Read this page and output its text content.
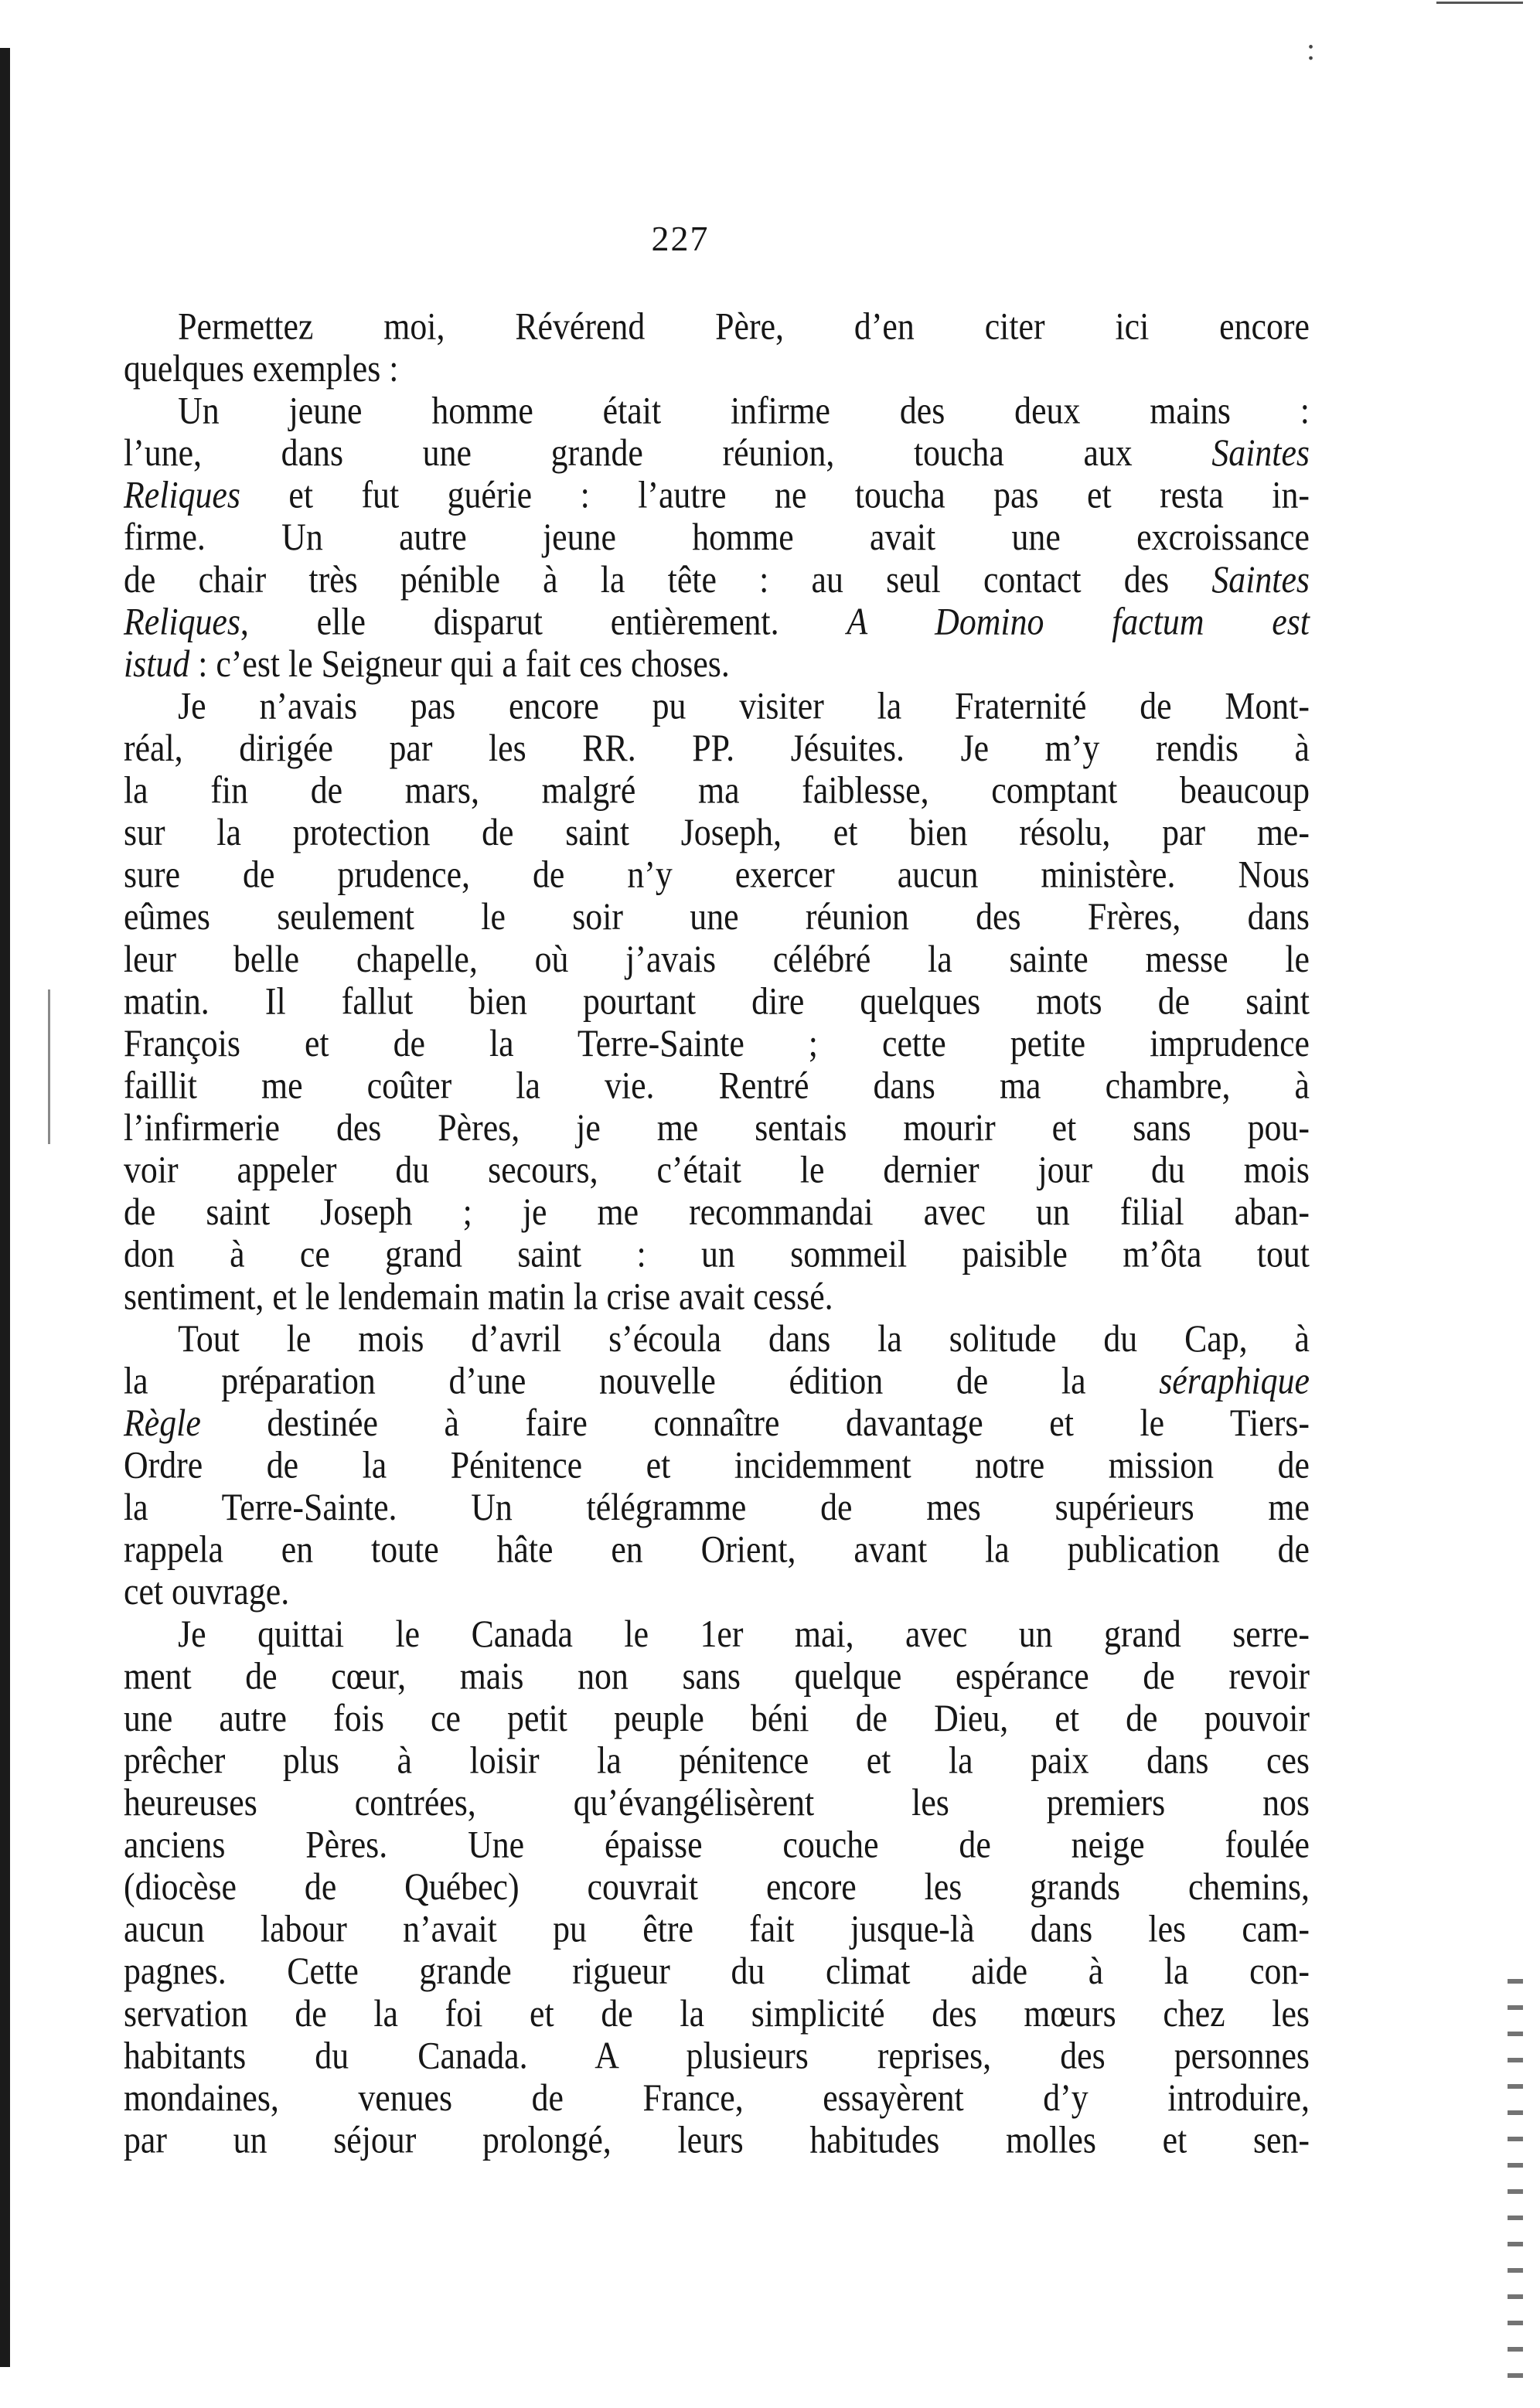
:
227
Permettez moi, Révérend Père, d’en citer ici encore
quelques exemples :
Un jeune homme était infirme des deux mains :
l’une, dans une grande réunion, toucha aux Saintes
Reliques et fut guérie : l’autre ne toucha pas et resta in-
firme. Un autre jeune homme avait une excroissance
de chair très pénible à la tête : au seul contact des Saintes
Reliques, elle disparut entièrement. A Domino factum est
istud : c’est le Seigneur qui a fait ces choses.
Je n’avais pas encore pu visiter la Fraternité de Mont-
réal, dirigée par les RR. PP. Jésuites. Je m’y rendis à
la fin de mars, malgré ma faiblesse, comptant beaucoup
sur la protection de saint Joseph, et bien résolu, par me-
sure de prudence, de n’y exercer aucun ministère. Nous
eûmes seulement le soir une réunion des Frères, dans
leur belle chapelle, où j’avais célébré la sainte messe le
matin. Il fallut bien pourtant dire quelques mots de saint
François et de la Terre-Sainte ; cette petite imprudence
faillit me coûter la vie. Rentré dans ma chambre, à
l’infirmerie des Pères, je me sentais mourir et sans pou-
voir appeler du secours, c’était le dernier jour du mois
de saint Joseph ; je me recommandai avec un filial aban-
don à ce grand saint : un sommeil paisible m’ôta tout
sentiment, et le lendemain matin la crise avait cessé.
Tout le mois d’avril s’écoula dans la solitude du Cap, à
la préparation d’une nouvelle édition de la séraphique
Règle destinée à faire connaître davantage et le Tiers-
Ordre de la Pénitence et incidemment notre mission de
la Terre-Sainte. Un télégramme de mes supérieurs me
rappela en toute hâte en Orient, avant la publication de
cet ouvrage.
Je quittai le Canada le 1er mai, avec un grand serre-
ment de cœur, mais non sans quelque espérance de revoir
une autre fois ce petit peuple béni de Dieu, et de pouvoir
prêcher plus à loisir la pénitence et la paix dans ces
heureuses contrées, qu’évangélisèrent les premiers nos
anciens Pères. Une épaisse couche de neige foulée
(diocèse de Québec) couvrait encore les grands chemins,
aucun labour n’avait pu être fait jusque-là dans les cam-
pagnes. Cette grande rigueur du climat aide à la con-
servation de la foi et de la simplicité des mœurs chez les
habitants du Canada. A plusieurs reprises, des personnes
mondaines, venues de France, essayèrent d’y introduire,
par un séjour prolongé, leurs habitudes molles et sen-
